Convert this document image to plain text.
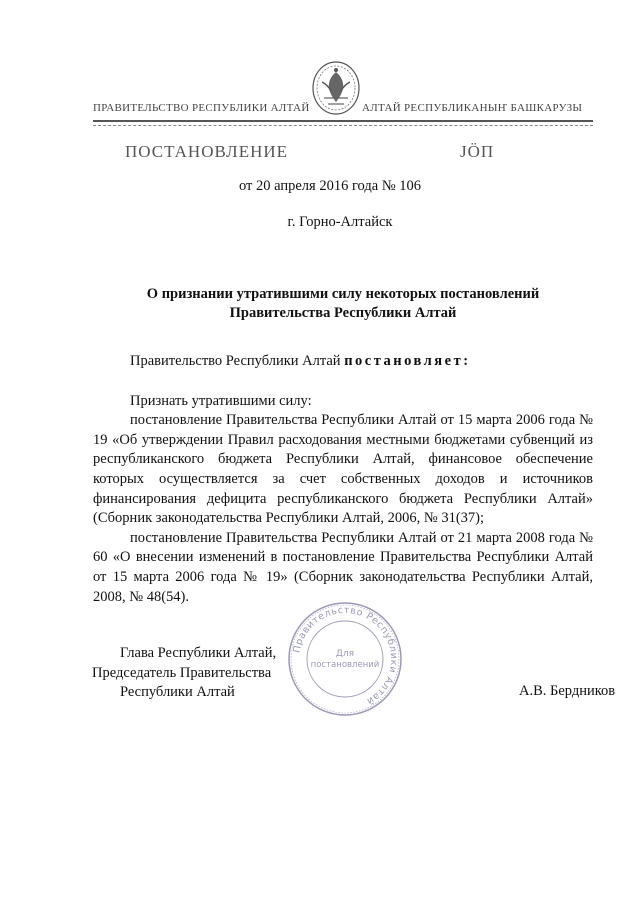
ПРАВИТЕЛЬСТВО РЕСПУБЛИКИ АЛТАЙ	АЛТАЙ РЕСПУБЛИКАНЫҤ БАШКАРУЗЫ
ПОСТАНОВЛЕНИЕ	JÖП
от 20 апреля 2016 года № 106
г. Горно-Алтайск
О признании утратившими силу некоторых постановлений
Правительства Республики Алтай

Правительство Республики Алтай постановляет:

Признать утратившими силу:

постановление Правительства Республики Алтай от 15 марта 2006 года № 19 «Об утверждении Правил расходования местными бюджетами субвенций из республиканского бюджета Республики Алтай, финансовое обеспечение которых осуществляется за счет собственных доходов и источников финансирования дефицита республиканского бюджета Республики Алтай» (Сборник законодательства Республики Алтай, 2006, № 31(37);

постановление Правительства Республики Алтай от 21 марта 2008 года № 60 «О внесении изменений в постановление Правительства Республики Алтай от 15 марта 2006 года № 19» (Сборник законодательства Республики Алтай, 2008, № 48(54).

Правительство Республики Алтай
Для
постановлений
Глава Республики Алтай,
Председатель Правительства
Республики Алтай	А.В. Бердников
